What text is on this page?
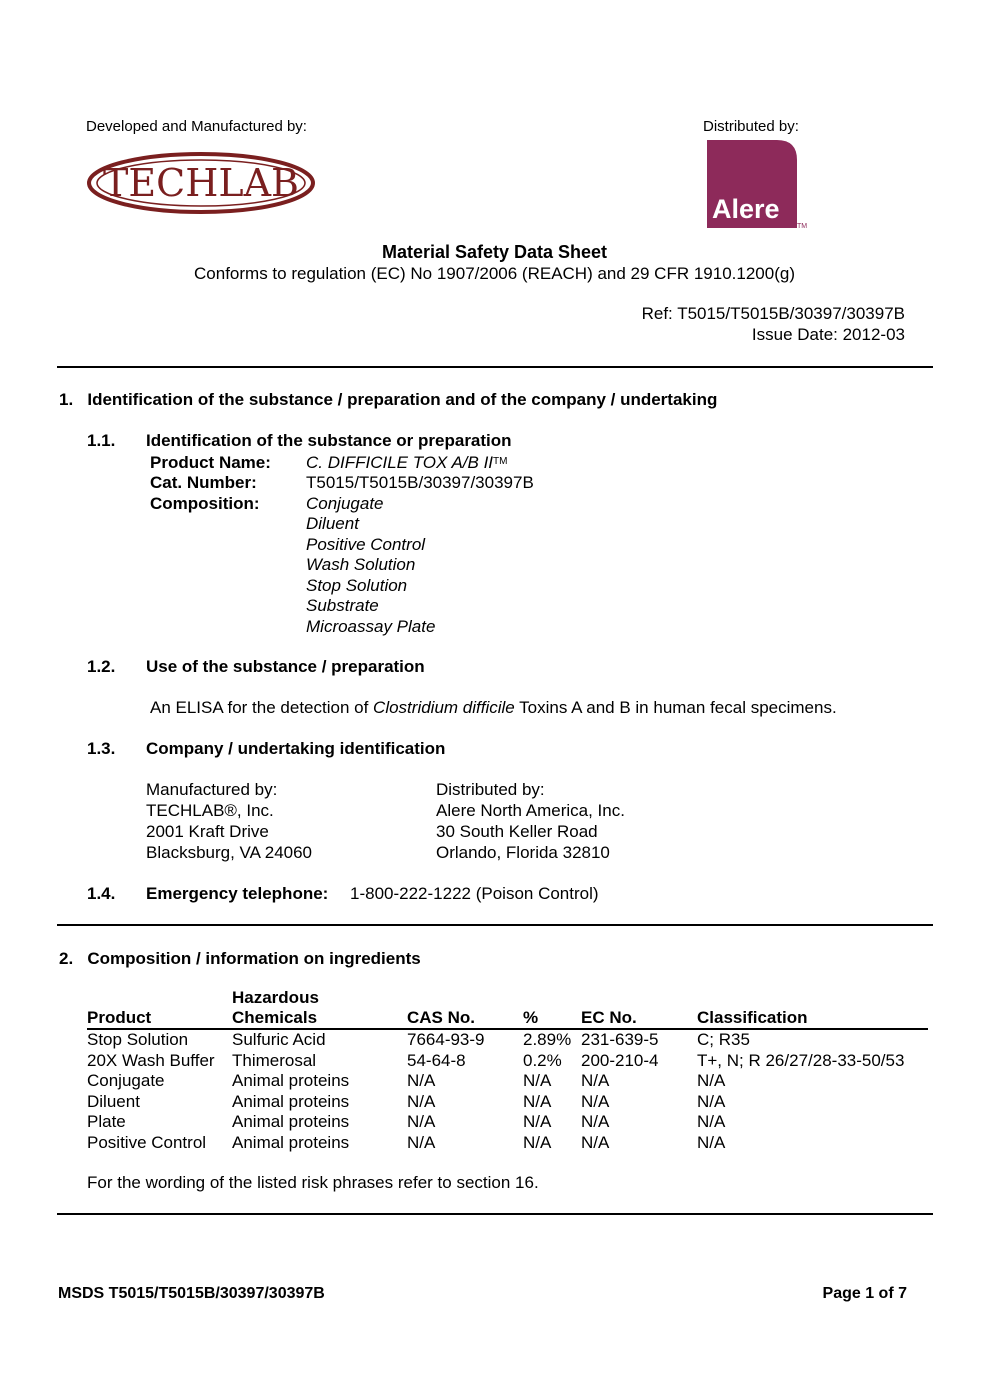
Developed and Manufactured by:	Distributed by:
TECHLAB
Alere
TM
Material Safety Data Sheet
Conforms to regulation (EC) No 1907/2006 (REACH) and 29 CFR 1910.1200(g)
Ref: T5015/T5015B/30397/30397B
Issue Date: 2012-03
1.   Identification of the substance / preparation and of the company / undertaking
1.1. Identification of the substance or preparation
Product Name: C. DIFFICILE TOX A/B II™
Cat. Number:	T5015/T5015B/30397/30397B
Composition:	Conjugate
Diluent
Positive Control
Wash Solution
Stop Solution
Substrate
Microassay Plate
1.2. Use of the substance / preparation
An ELISA for the detection of Clostridium difficile Toxins A and B in human fecal specimens.
1.3. Company / undertaking identification
Manufactured by:
TECHLAB®, Inc.
2001 Kraft Drive
Blacksburg, VA 24060
Distributed by:
Alere North America, Inc.
30 South Keller Road
Orlando, Florida 32810
1.4. Emergency telephone: 1-800-222-1222 (Poison Control)
2.   Composition / information on ingredients
Product	Hazardous Chemicals	CAS No.	%	EC No.	Classification
Stop Solution	Sulfuric Acid	7664-93-9	2.89%	231-639-5	C; R35
20X Wash Buffer	Thimerosal	54-64-8	0.2%	200-210-4	T+, N; R 26/27/28-33-50/53
Conjugate	Animal proteins	N/A	N/A	N/A	N/A
Diluent	Animal proteins	N/A	N/A	N/A	N/A
Plate	Animal proteins	N/A	N/A	N/A	N/A
Positive Control	Animal proteins	N/A	N/A	N/A	N/A
For the wording of the listed risk phrases refer to section 16.
MSDS T5015/T5015B/30397/30397B	Page 1 of 7
